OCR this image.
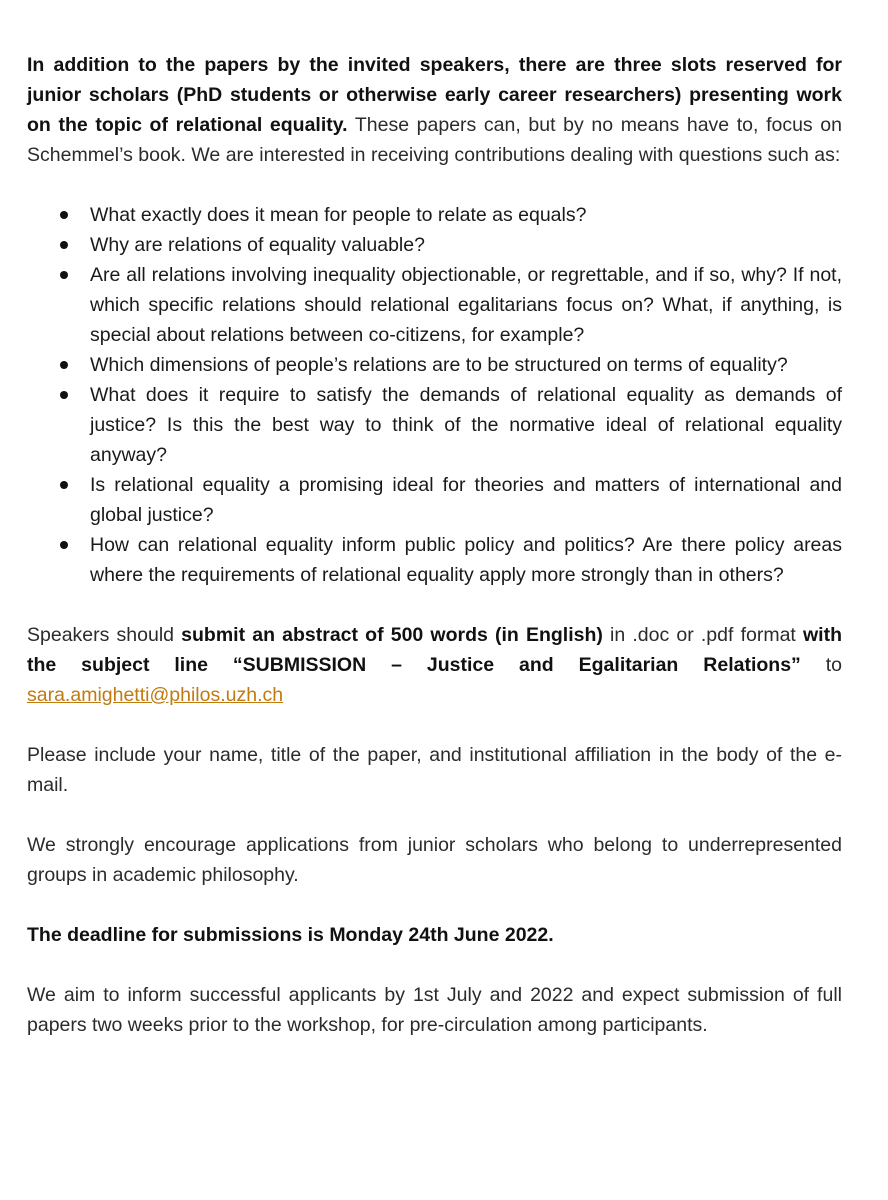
In addition to the papers by the invited speakers, there are three slots reserved for junior scholars (PhD students or otherwise early career researchers) presenting work on the topic of relational equality. These papers can, but by no means have to, focus on Schemmel’s book. We are interested in receiving contributions dealing with questions such as:

What exactly does it mean for people to relate as equals?
Why are relations of equality valuable?
Are all relations involving inequality objectionable, or regrettable, and if so, why? If not, which specific relations should relational egalitarians focus on? What, if anything, is special about relations between co-citizens, for example?
Which dimensions of people’s relations are to be structured on terms of equality?
What does it require to satisfy the demands of relational equality as demands of justice? Is this the best way to think of the normative ideal of relational equality anyway?
Is relational equality a promising ideal for theories and matters of international and global justice?
How can relational equality inform public policy and politics? Are there policy areas where the requirements of relational equality apply more strongly than in others?

Speakers should submit an abstract of 500 words (in English) in .doc or .pdf format with the subject line “SUBMISSION – Justice and Egalitarian Relations” to sara.amighetti@philos.uzh.ch

Please include your name, title of the paper, and institutional affiliation in the body of the e-mail.

We strongly encourage applications from junior scholars who belong to underrepresented groups in academic philosophy.

The deadline for submissions is Monday 24th June 2022.

We aim to inform successful applicants by 1st July and 2022 and expect submission of full papers two weeks prior to the workshop, for pre-circulation among participants.
